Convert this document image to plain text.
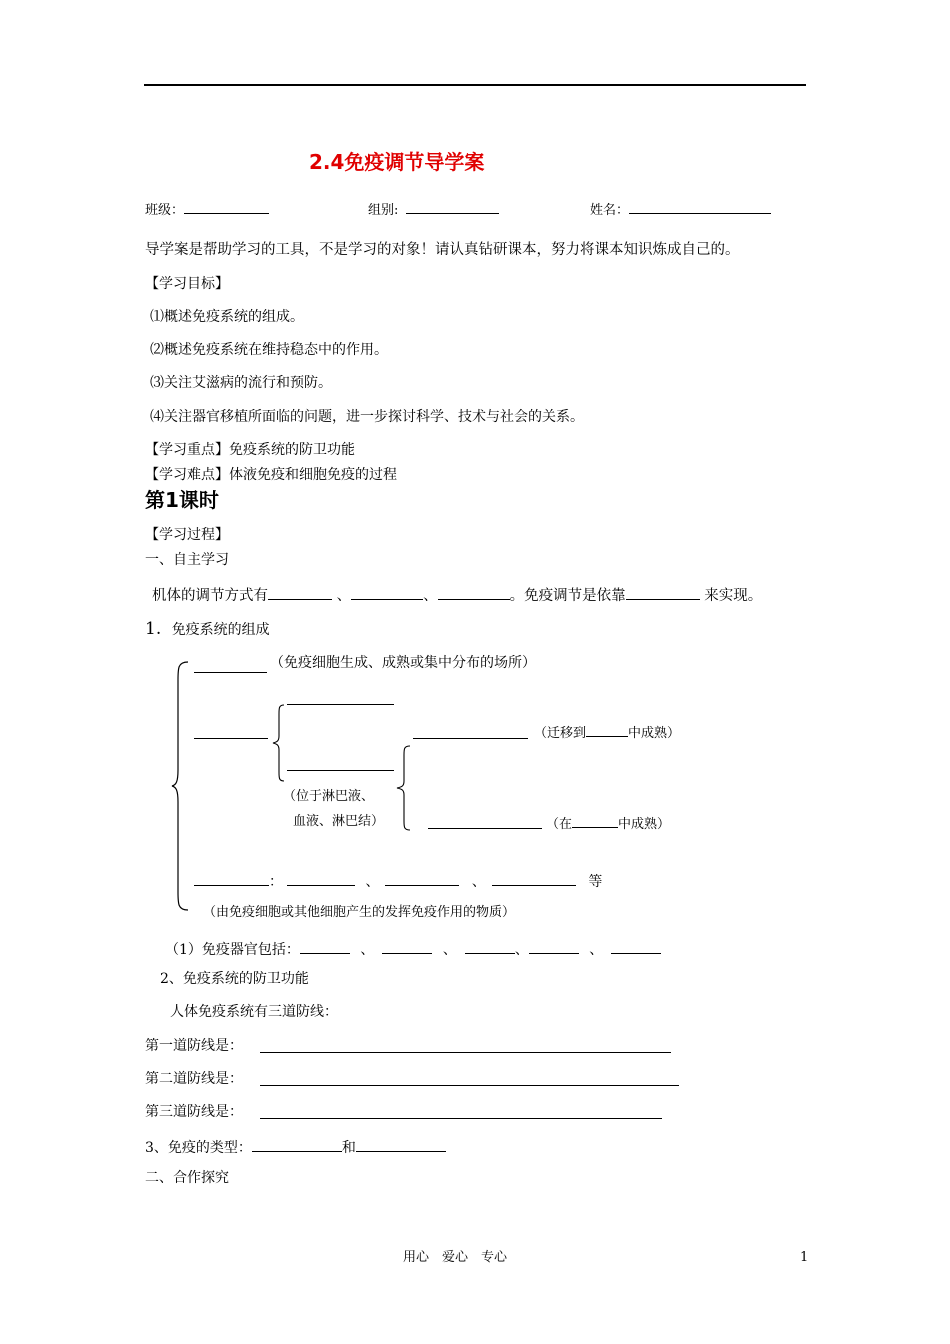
2.4免疫调节导学案
班级：	组别:	姓名：
导学案是帮助学习的工具，不是学习的对象！请认真钻研课本，努力将课本知识炼成自己的。
【学习目标】
⑴概述免疫系统的组成。
⑵概述免疫系统在维持稳态中的作用。
⑶关注艾滋病的流行和预防。
⑷关注器官移植所面临的问题，进一步探讨科学、技术与社会的关系。
【学习重点】免疫系统的防卫功能
【学习难点】体液免疫和细胞免疫的过程
第1课时
【学习过程】
一、自主学习
机体的调节方式有	、	、	。免疫调节是依靠	来实现。
1. 免疫系统的组成
（免疫细胞生成、成熟或集中分布的场所）
（位于淋巴液、
血液、淋巴结）
（迁移到	中成熟）
（在	中成熟）
：	、	、	等
（由免疫细胞或其他细胞产生的发挥免疫作用的物质）
（1）免疫器官包括：	、	、	、	、
2、免疫系统的防卫功能
人体免疫系统有三道防线：
第一道防线是：
第二道防线是：
第三道防线是：
3、免疫的类型：	和
二、合作探究
用心　爱心　专心	1
